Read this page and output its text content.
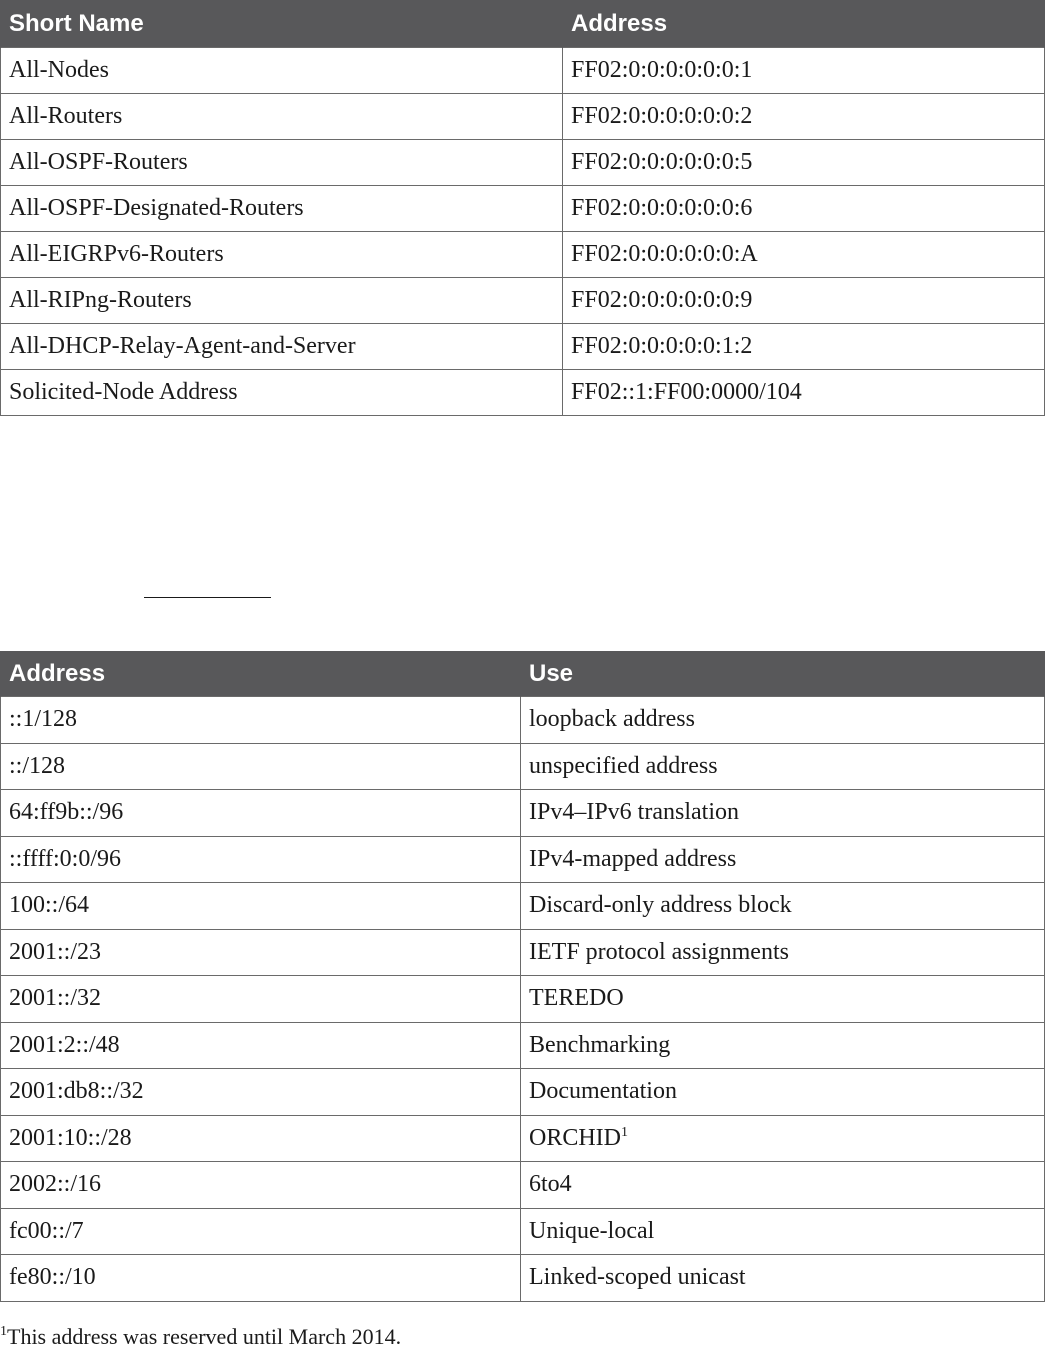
Short Name	Address
All-Nodes	FF02:0:0:0:0:0:0:1
All-Routers	FF02:0:0:0:0:0:0:2
All-OSPF-Routers	FF02:0:0:0:0:0:0:5
All-OSPF-Designated-Routers	FF02:0:0:0:0:0:0:6
All-EIGRPv6-Routers	FF02:0:0:0:0:0:0:A
All-RIPng-Routers	FF02:0:0:0:0:0:0:9
All-DHCP-Relay-Agent-and-Server	FF02:0:0:0:0:0:1:2
Solicited-Node Address	FF02::1:FF00:0000/104
Address	Use
::1/128	loopback address
::/128	unspecified address
64:ff9b::/96	IPv4–IPv6 translation
::ffff:0:0/96	IPv4-mapped address
100::/64	Discard-only address block
2001::/23	IETF protocol assignments
2001::/32	TEREDO
2001:2::/48	Benchmarking
2001:db8::/32	Documentation
2001:10::/28	ORCHID$^1$
2002::/16	6to4
fc00::/7	Unique-local
fe80::/10	Linked-scoped unicast
$^1$This address was reserved until March 2014.
